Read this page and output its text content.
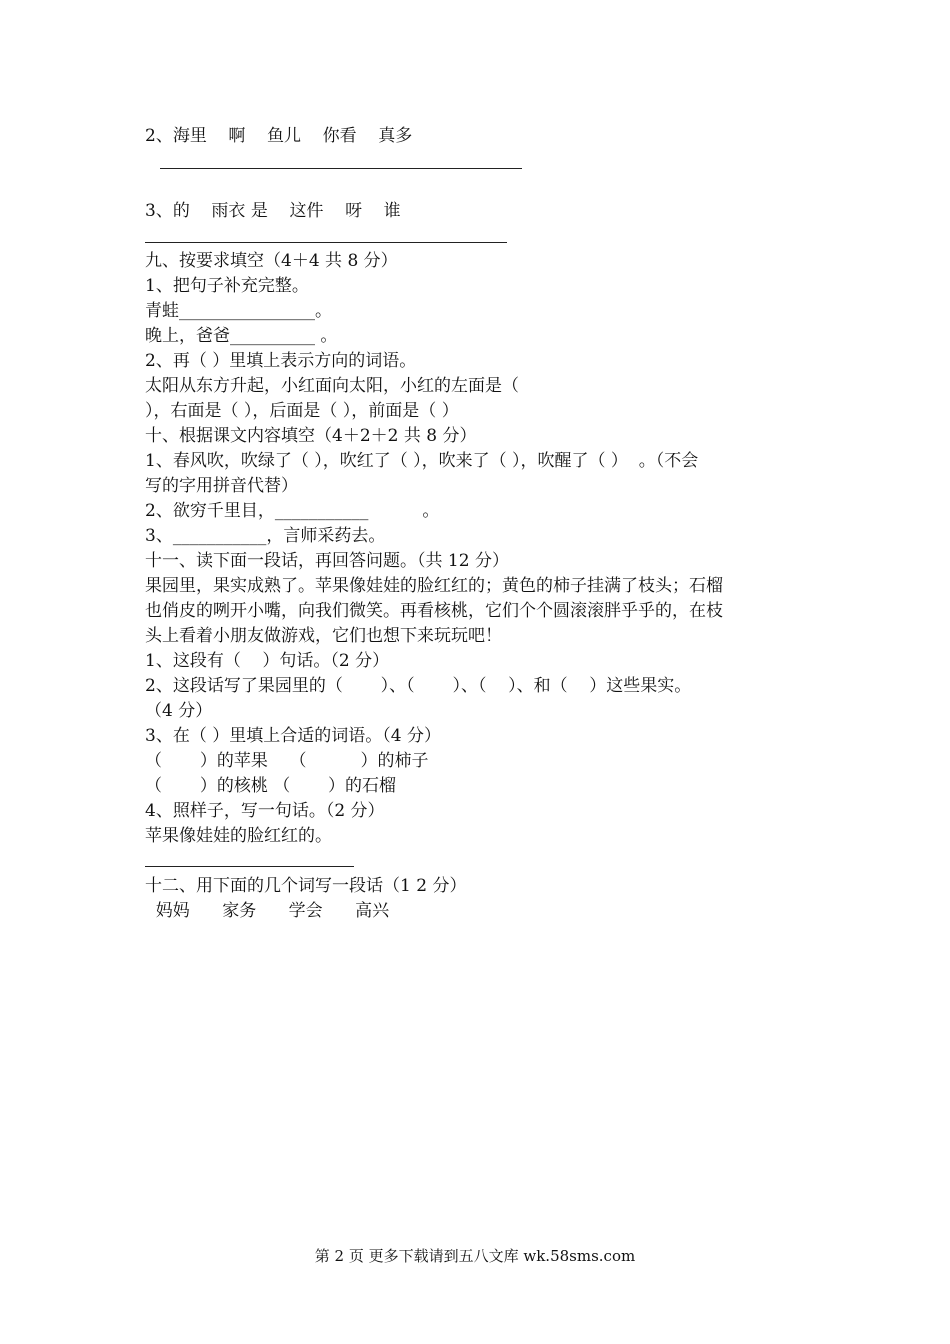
2、海里    啊    鱼儿    你看    真多
3、的    雨衣 是    这件    呀    谁
九、按要求填空（4＋4 共 8 分）
1、把句子补充完整。
青蛙________________。
晚上，爸爸__________ 。
2、再（ ）里填上表示方向的词语。
太阳从东方升起，小红面向太阳，小红的左面是（
），右面是（ ），后面是（ ），前面是（ ）
十、根据课文内容填空（4＋2＋2 共 8 分）
1、春风吹，吹绿了（ ），吹红了（ ），吹来了（ ），吹醒了（ ）  。（不会
写的字用拼音代替）
2、欲穷千里目，___________          。
3、___________，言师采药去。
十一、读下面一段话，再回答问题。（共 12 分）
果园里，果实成熟了。苹果像娃娃的脸红红的；黄色的柿子挂满了枝头；石榴
也俏皮的咧开小嘴，向我们微笑。再看核桃，它们个个圆滚滚胖乎乎的，在枝
头上看着小朋友做游戏，它们也想下来玩玩吧！
1、这段有（    ）句话。（2 分）
2、这段话写了果园里的（       ）、（       ）、（    ）、和（    ）这些果实。
（4 分）
3、在（ ）里填上合适的词语。（4 分）
（       ）的苹果    （          ）的柿子
（       ）的核桃 （       ）的石榴
4、照样子，写一句话。（2 分）
苹果像娃娃的脸红红的。
十二、用下面的几个词写一段话（1 2 分）
妈妈      家务      学会      高兴
第 2 页 更多下载请到五八文库 wk.58sms.com
